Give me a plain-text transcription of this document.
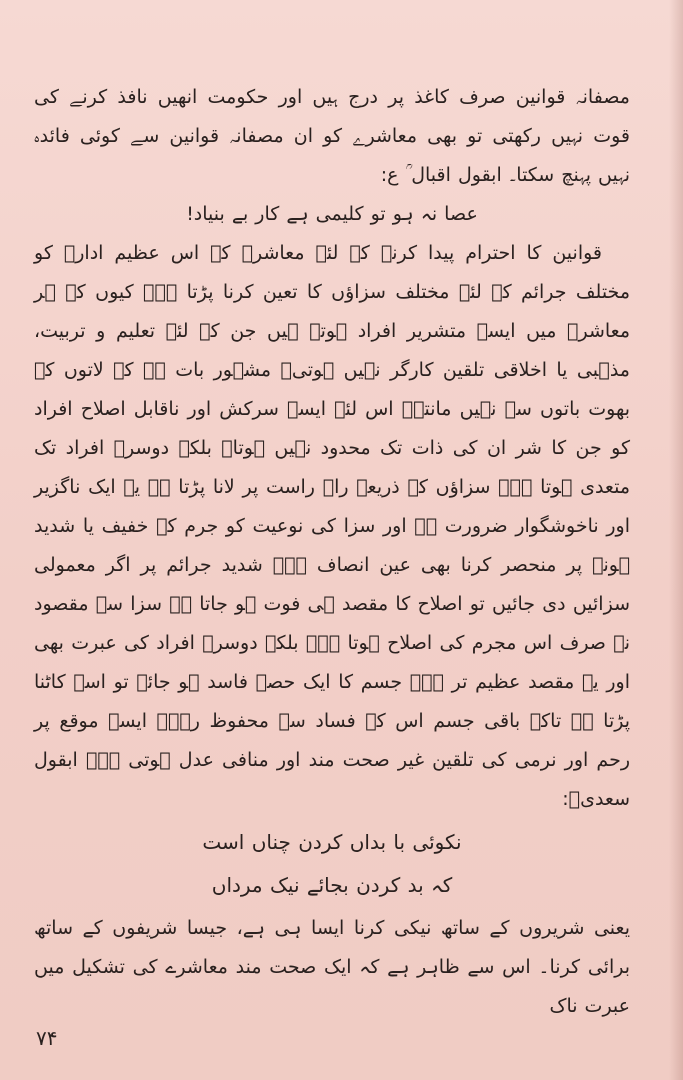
مصفانہ قوانین صرف کاغذ پر درج ہیں اور حکومت انھیں نافذ کرنے کی قوت نہیں رکھتی تو بھی معاشرے کو ان مصفانہ قوانین سے کوئی فائدہ نہیں پہنچ سکتا۔ ابقول اقبال ؒ ع:

عصا نہ ہو تو کلیمی ہے کار بے بنیاد!

قوانین کا احترام پیدا کرنے کے لئے معاشرے کے اس عظیم ادارے کو مختلف جرائم کے لئے مختلف سزاؤں کا تعین کرنا پڑتا ہے۔ کیوں کہ ہر معاشرے میں ایسے متشریر افراد ہوتے ہیں جن کے لئے تعلیم و تربیت، مذہبی یا اخلاقی تلقین کارگر نہیں ہوتی۔ مشہور بات ہے کہ لاتوں کے بھوت باتوں سے نہیں مانتے۔ اس لئے ایسے سرکش اور ناقابل اصلاح افراد کو جن کا شر ان کی ذات تک محدود نہیں ہوتا۔ بلکہ دوسرے افراد تک متعدی ہوتا ہے۔ سزاؤں کے ذریعے راہ راست پر لانا پڑتا ہے یہ ایک ناگزیر اور ناخوشگوار ضرورت ہے اور سزا کی نوعیت کو جرم کے خفیف یا شدید ہونے پر منحصر کرنا بھی عین انصاف ہے۔ شدید جرائم پر اگر معمولی سزائیں دی جائیں تو اصلاح کا مقصد ہی فوت ہو جاتا ہے سزا سے مقصود نہ صرف اس مجرم کی اصلاح ہوتا ہے۔ بلکہ دوسرے افراد کی عبرت بھی اور یہ مقصد عظیم تر ہے۔ جسم کا ایک حصہ فاسد ہو جائے تو اسے کاٹنا پڑتا ہے تاکہ باقی جسم اس کے فساد سے محفوظ رہے۔ ایسے موقع پر رحم اور نرمی کی تلقین غیر صحت مند اور منافی عدل ہوتی ہے۔ ابقول سعدیؒ:

نکوئی با بداں کردن چناں است

کہ بد کردن بجائے نیک مرداں

یعنی شریروں کے ساتھ نیکی کرنا ایسا ہی ہے، جیسا شریفوں کے ساتھ برائی کرنا۔ اس سے ظاہر ہے کہ ایک صحت مند معاشرے کی تشکیل میں عبرت ناک

۷۴
